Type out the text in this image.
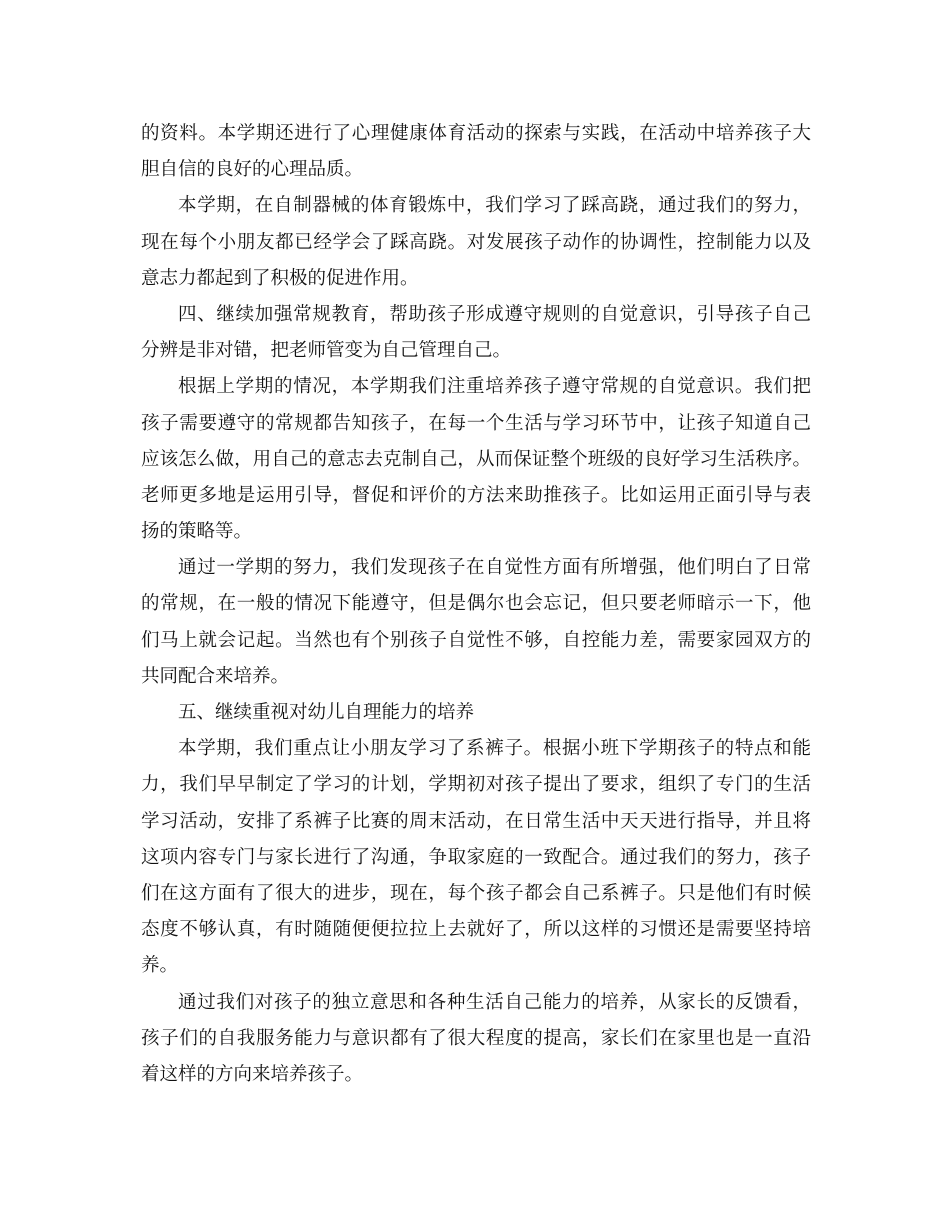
的资料。本学期还进行了心理健康体育活动的探索与实践，在活动中培养孩子大
胆自信的良好的心理品质。
本学期，在自制器械的体育锻炼中，我们学习了踩高跷，通过我们的努力，
现在每个小朋友都已经学会了踩高跷。对发展孩子动作的协调性，控制能力以及
意志力都起到了积极的促进作用。
四、继续加强常规教育，帮助孩子形成遵守规则的自觉意识，引导孩子自己
分辨是非对错，把老师管变为自己管理自己。
根据上学期的情况，本学期我们注重培养孩子遵守常规的自觉意识。我们把
孩子需要遵守的常规都告知孩子，在每一个生活与学习环节中，让孩子知道自己
应该怎么做，用自己的意志去克制自己，从而保证整个班级的良好学习生活秩序。
老师更多地是运用引导，督促和评价的方法来助推孩子。比如运用正面引导与表
扬的策略等。
通过一学期的努力，我们发现孩子在自觉性方面有所增强，他们明白了日常
的常规，在一般的情况下能遵守，但是偶尔也会忘记，但只要老师暗示一下，他
们马上就会记起。当然也有个别孩子自觉性不够，自控能力差，需要家园双方的
共同配合来培养。
五、继续重视对幼儿自理能力的培养
本学期，我们重点让小朋友学习了系裤子。根据小班下学期孩子的特点和能
力，我们早早制定了学习的计划，学期初对孩子提出了要求，组织了专门的生活
学习活动，安排了系裤子比赛的周末活动，在日常生活中天天进行指导，并且将
这项内容专门与家长进行了沟通，争取家庭的一致配合。通过我们的努力，孩子
们在这方面有了很大的进步，现在，每个孩子都会自己系裤子。只是他们有时候
态度不够认真，有时随随便便拉拉上去就好了，所以这样的习惯还是需要坚持培
养。
通过我们对孩子的独立意思和各种生活自己能力的培养，从家长的反馈看，
孩子们的自我服务能力与意识都有了很大程度的提高，家长们在家里也是一直沿
着这样的方向来培养孩子。
